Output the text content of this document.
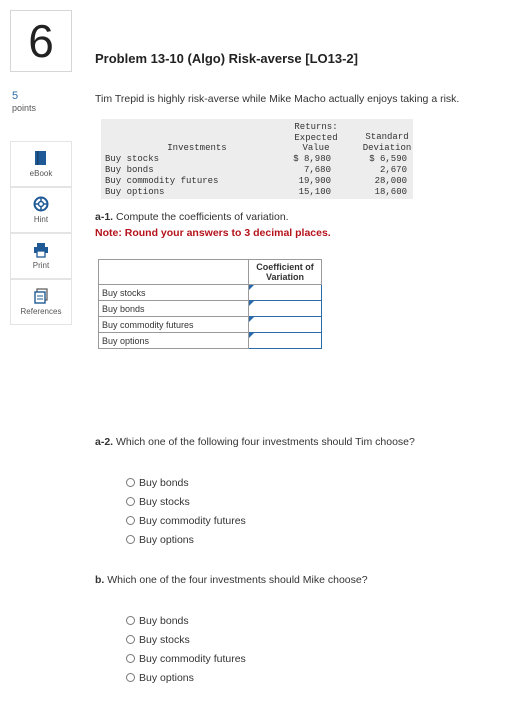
6
5
points
eBook
Hint
Print
References
Problem 13-10 (Algo) Risk-averse [LO13-2]
Tim Trepid is highly risk-averse while Mike Macho actually enjoys taking a risk.
Investments
Returns:
Expected
Value
Standard
Deviation
Buy stocks	$ 8,980	$ 6,590
Buy bonds	7,680	2,670
Buy commodity futures	19,900	28,000
Buy options	15,100	18,600
a-1. Compute the coefficients of variation.
Note: Round your answers to 3 decimal places.

	Coefficient of
Variation

Buy stocks	

Buy bonds	

Buy commodity futures	

Buy options	
a-2. Which one of the following four investments should Tim choose?
Buy bonds
Buy stocks
Buy commodity futures
Buy options
b. Which one of the four investments should Mike choose?
Buy bonds
Buy stocks
Buy commodity futures
Buy options
